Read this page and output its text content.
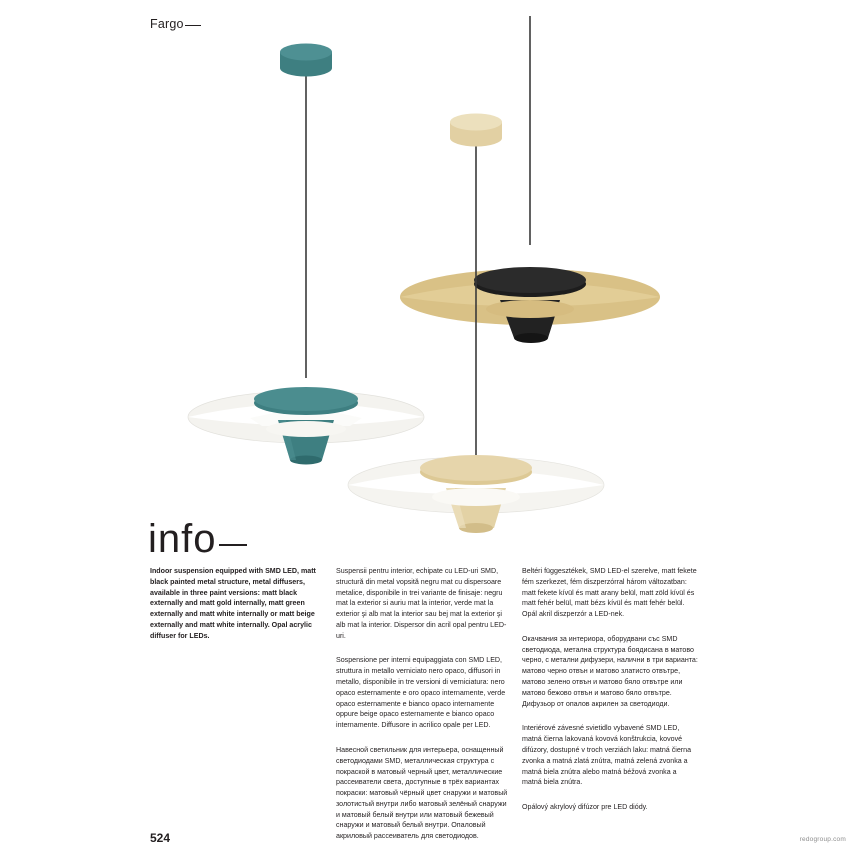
Fargo
info

Indoor suspension equipped with SMD LED, matt black painted metal structure, metal diffusers, available in three paint versions: matt black externally and matt gold internally, matt green externally and matt white internally or matt beige externally and matt white internally. Opal acrylic diffuser for LEDs.

Suspensii pentru interior, echipate cu LED-uri SMD, structură din metal vopsită negru mat cu dispersoare metalice, disponibile in trei variante de finisaje: negru mat la exterior si auriu mat la interior, verde mat la exterior şi alb mat la interior sau bej mat la exterior şi alb mat la interior. Dispersor din acril opal pentru LED-uri.

Sospensione per interni equipaggiata con SMD LED, struttura in metallo verniciato nero opaco, diffusori in metallo, disponibile in tre versioni di verniciatura: nero opaco esternamente e oro opaco internamente, verde opaco esternamente e bianco opaco internamente oppure beige opaco esternamente e bianco opaco internamente. Diffusore in acrilico opale per LED.

Навесной светильник для интерьера, оснащенный светодиодами SMD, металлическая структура с покраской в матовый черный цвет, металлические рассеиватели света, доступные в трёх вариантах покраски: матовый чёрный цвет снаружи и матовый золотистый внутри либо матовый зелёный снаружи и матовый белый внутри или матовый бежевый снаружи и матовый белый внутри. Опаловый акриловый рассеиватель для светодиодов.

Beltéri függesztékek, SMD LED-el szerelve, matt fekete fém szerkezet, fém diszperzórral három változatban: matt fekete kívül és matt arany belül, matt zöld kívül és matt fehér belül, matt bézs kívül és matt fehér belül. Opál akril diszperzór a LED-nek.

Окачвания за интериора, оборудвани със SMD светодиода, метална структура боядисана в матово черно, с метални дифузери, налични в три варианта: матово черно отвън и матово златисто отвътре, матово зелено отвън и матово бяло отвътре или матово бежово отвън и матово бяло отвътре. Дифузьор от опалов акрилен за светодиоди.

Interiérové závesné svietidlo vybavené SMD LED, matná čierna lakovaná kovová konštrukcia, kovové difúzory, dostupné v troch verziách laku: matná čierna zvonka a matná zlatá znútra, matná zelená zvonka a matná biela znútra alebo matná béžová zvonka a matná biela znútra.

Opálový akrylový difúzor pre LED diódy.

524	redogroup.com
